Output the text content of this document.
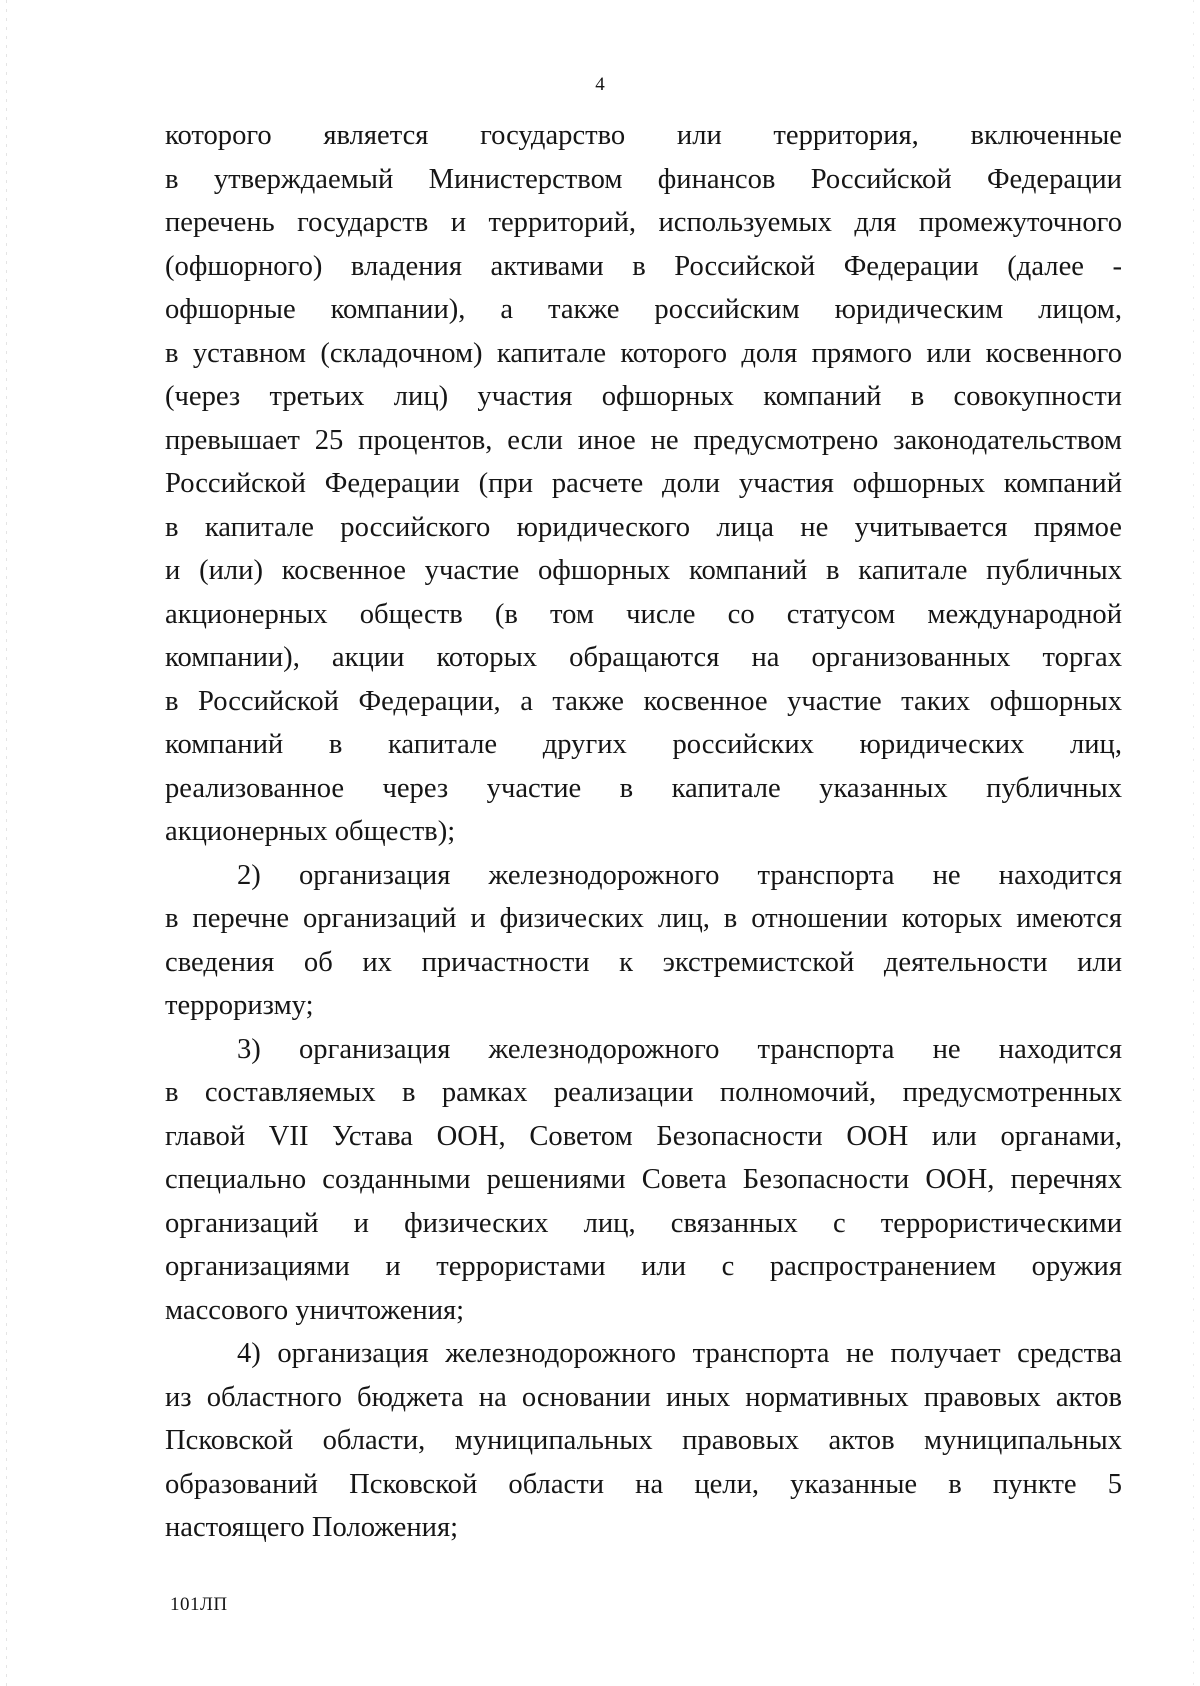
4
которого является государство или территория, включенные
в утверждаемый Министерством финансов Российской Федерации
перечень государств и территорий, используемых для промежуточного
(офшорного) владения активами в Российской Федерации (далее -
офшорные компании), а также российским юридическим лицом,
в уставном (складочном) капитале которого доля прямого или косвенного
(через третьих лиц) участия офшорных компаний в совокупности
превышает 25 процентов, если иное не предусмотрено законодательством
Российской Федерации (при расчете доли участия офшорных компаний
в капитале российского юридического лица не учитывается прямое
и (или) косвенное участие офшорных компаний в капитале публичных
акционерных обществ (в том числе со статусом международной
компании), акции которых обращаются на организованных торгах
в Российской Федерации, а также косвенное участие таких офшорных
компаний в капитале других российских юридических лиц,
реализованное через участие в капитале указанных публичных
акционерных обществ);
2) организация железнодорожного транспорта не находится
в перечне организаций и физических лиц, в отношении которых имеются
сведения об их причастности к экстремистской деятельности или
терроризму;
3) организация железнодорожного транспорта не находится
в составляемых в рамках реализации полномочий, предусмотренных
главой VII Устава ООН, Советом Безопасности ООН или органами,
специально созданными решениями Совета Безопасности ООН, перечнях
организаций и физических лиц, связанных с террористическими
организациями и террористами или с распространением оружия
массового уничтожения;
4) организация железнодорожного транспорта не получает средства
из областного бюджета на основании иных нормативных правовых актов
Псковской области, муниципальных правовых актов муниципальных
образований Псковской области на цели, указанные в пункте 5
настоящего Положения;
101ЛП
